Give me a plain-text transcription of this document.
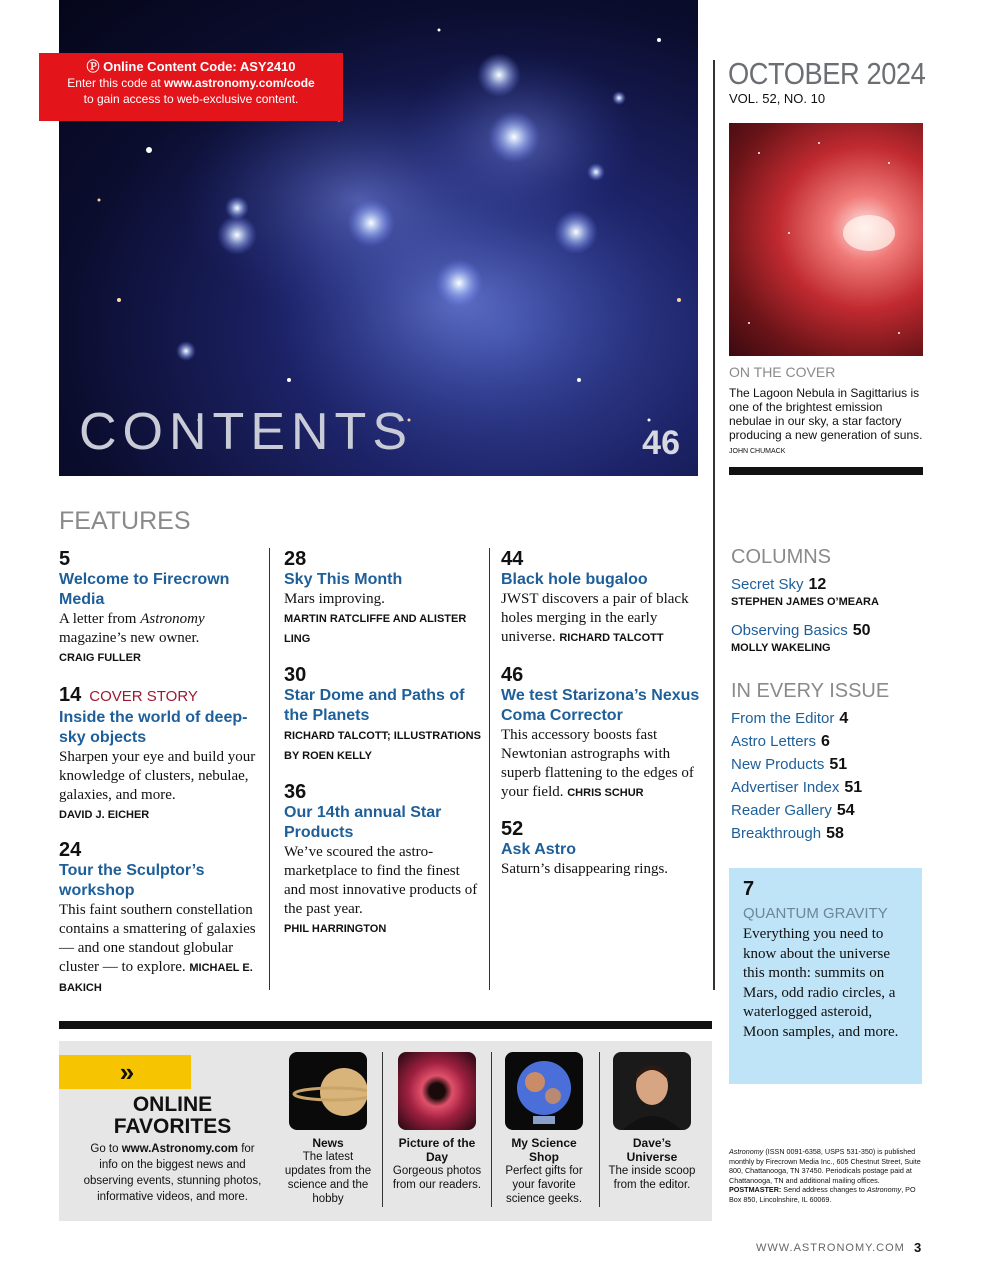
CONTENTS	46
Ⓟ Online Content Code: ASY2410
Enter this code at www.astronomy.com/code
to gain access to web-exclusive content.
OCTOBER 2024
VOL. 52, NO. 10
ON THE COVER
The Lagoon Nebula in Sagittarius is one of the brightest emission nebulae in our sky, a star factory producing a new generation of suns. JOHN CHUMACK
FEATURES
5
Welcome to Firecrown Media
A letter from Astronomy magazine’s new owner.
CRAIG FULLER
14 COVER STORY
Inside the world of deep-sky objects
Sharpen your eye and build your knowledge of clusters, nebulae, galaxies, and more.
DAVID J. EICHER
24
Tour the Sculptor’s workshop
This faint southern constellation contains a smattering of galaxies — and one standout globular cluster — to explore. MICHAEL E. BAKICH
28
Sky This Month
Mars improving.
MARTIN RATCLIFFE AND ALISTER LING
30
Star Dome and Paths of the Planets
RICHARD TALCOTT; ILLUSTRATIONS BY ROEN KELLY
36
Our 14th annual Star Products
We’ve scoured the astro-marketplace to find the finest and most innovative products of the past year.
PHIL HARRINGTON
44
Black hole bugaloo
JWST discovers a pair of black holes merging in the early universe. RICHARD TALCOTT
46
We test Starizona’s Nexus Coma Corrector
This accessory boosts fast Newtonian astrographs with superb flattening to the edges of your field. CHRIS SCHUR
52
Ask Astro
Saturn’s disappearing rings.
COLUMNS
Secret Sky 12
STEPHEN JAMES O’MEARA
Observing Basics 50
MOLLY WAKELING
IN EVERY ISSUE
From the Editor 4
Astro Letters 6
New Products 51
Advertiser Index 51
Reader Gallery 54
Breakthrough 58
7
QUANTUM GRAVITY
Everything you need to know about the universe this month: summits on Mars, odd radio circles, a waterlogged asteroid, Moon samples, and more.
»
ONLINE FAVORITES
Go to www.Astronomy.com for info on the biggest news and observing events, stunning photos, informative videos, and more.
News
The latest updates from the science and the hobby
Picture of the Day
Gorgeous photos from our readers.
My Science Shop
Perfect gifts for your favorite science geeks.
Dave’s Universe
The inside scoop from the editor.
Astronomy (ISSN 0091-6358, USPS 531-350) is published monthly by Firecrown Media Inc., 605 Chestnut Street, Suite 800, Chattanooga, TN 37450. Periodicals postage paid at Chattanooga, TN and additional mailing offices. POSTMASTER: Send address changes to Astronomy, PO Box 850, Lincolnshire, IL 60069.
WWW.ASTRONOMY.COM 3
